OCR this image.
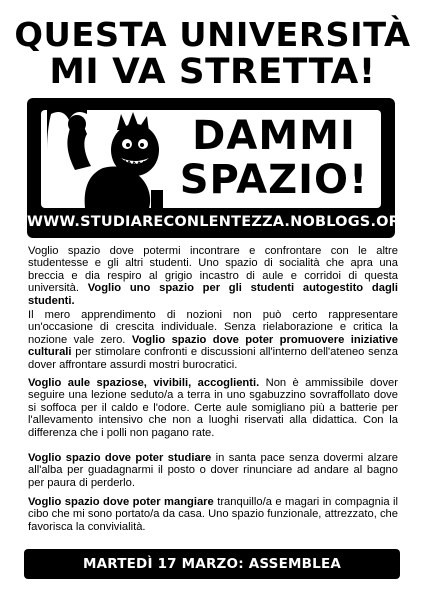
QUESTA UNIVERSITÀ
MI VA STRETTA!
DAMMI
SPAZIO!
WWW.STUDIARECONLENTEZZA.NOBLOGS.ORG
Voglio spazio dove potermi incontrare e confrontare con le altre studentesse e gli altri studenti. Uno spazio di socialità che apra una breccia e dia respiro al grigio incastro di aule e corridoi di questa università. Voglio uno spazio per gli studenti autogestito dagli studenti.
Il mero apprendimento di nozioni non può certo rappresentare un'occasione di crescita individuale. Senza rielaborazione e critica la nozione vale zero. Voglio spazio dove poter promuovere iniziative culturali per stimolare confronti e discussioni all'interno dell'ateneo senza dover affrontare assurdi mostri burocratici.
Voglio aule spaziose, vivibili, accoglienti. Non è ammissibile dover seguire una lezione seduto/a a terra in uno sgabuzzino sovraffollato dove si soffoca per il caldo e l'odore. Certe aule somigliano più a batterie per l'allevamento intensivo che non a luoghi riservati alla didattica. Con la differenza che i polli non pagano rate.
Voglio spazio dove poter studiare in santa pace senza dovermi alzare all'alba per guadagnarmi il posto o dover rinunciare ad andare al bagno per paura di perderlo.
Voglio spazio dove poter mangiare tranquillo/a e magari in compagnia il cibo che mi sono portato/a da casa. Uno spazio funzionale, attrezzato, che favorisca la convivialità.
MARTEDÌ 17 MARZO: ASSEMBLEA STUDENTESCA!
